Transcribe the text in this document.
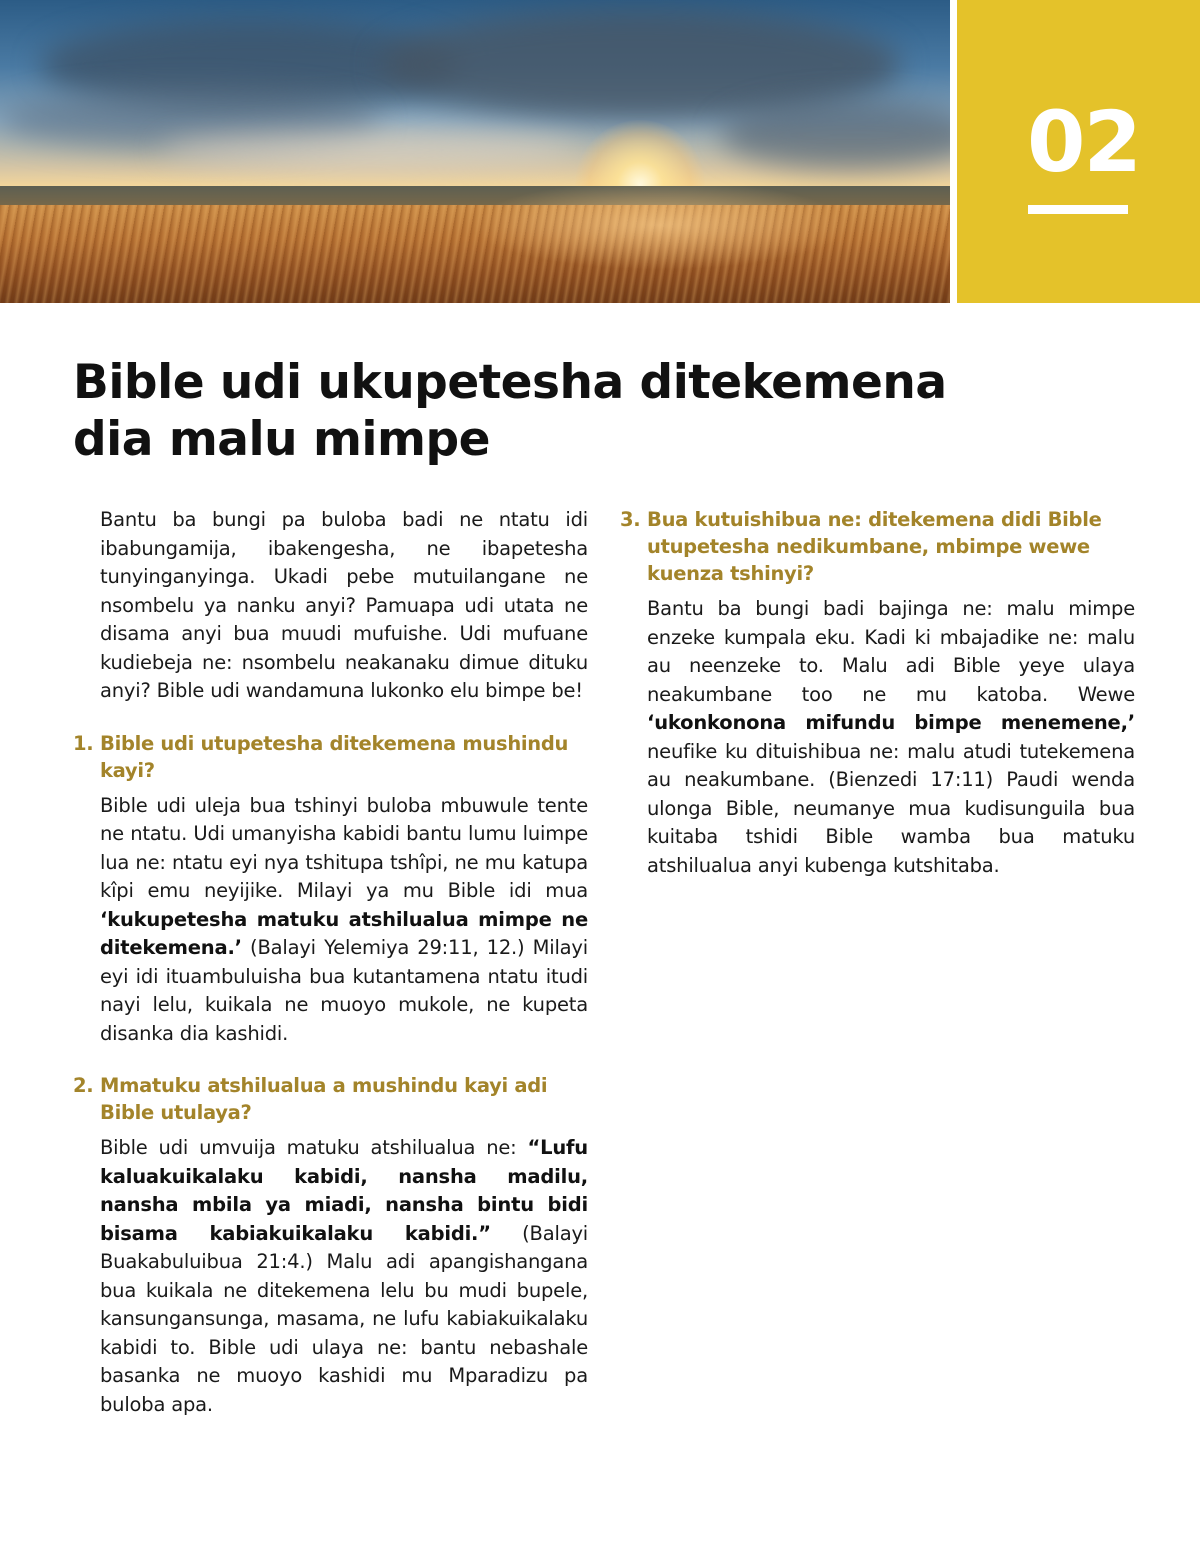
02
Bible udi ukupetesha ditekemena
dia malu mimpe

Bantu ba bungi pa buloba badi ne ntatu idi ibabungamija, ibakengesha, ne ibapetesha tunyinganyinga. Ukadi pebe mutuilangane ne nsombelu ya nanku anyi? Pamuapa udi utata ne disama anyi bua muudi mufuishe. Udi mufuane kudiebeja ne: nsombelu neakanaku dimue dituku anyi? Bible udi wandamuna lukonko elu bimpe be!

1. Bible udi utupetesha ditekemena mushindu kayi?

Bible udi uleja bua tshinyi buloba mbuwule tente ne ntatu. Udi umanyisha kabidi bantu lumu luimpe lua ne: ntatu eyi nya tshitupa tshîpi, ne mu katupa kîpi emu neyijike. Milayi ya mu Bible idi mua ‘kukupetesha matuku atshilualua mimpe ne ditekemena.’ (Balayi Yelemiya 29:11, 12.) Milayi eyi idi ituambuluisha bua kutantamena ntatu itudi nayi lelu, kuikala ne muoyo mukole, ne kupeta disanka dia kashidi.

2. Mmatuku atshilualua a mushindu kayi adi Bible utulaya?

Bible udi umvuija matuku atshilualua ne: “Lufu kaluakuikalaku kabidi, nansha madilu, nansha mbila ya miadi, nansha bintu bidi bisama kabiakuikalaku kabidi.” (Balayi Buakabuluibua 21:4.) Malu adi apangishangana bua kuikala ne ditekemena lelu bu mudi bupele, kansungansunga, masama, ne lufu kabiakuikalaku kabidi to. Bible udi ulaya ne: bantu nebashale basanka ne muoyo kashidi mu Mparadizu pa buloba apa.

3. Bua kutuishibua ne: ditekemena didi Bible utupetesha nedikumbane, mbimpe wewe kuenza tshinyi?

Bantu ba bungi badi bajinga ne: malu mimpe enzeke kumpala eku. Kadi ki mbajadike ne: malu au neenzeke to. Malu adi Bible yeye ulaya neakumbane too ne mu katoba. Wewe ‘ukonkonona mifundu bimpe menemene,’ neufike ku dituishibua ne: malu atudi tutekemena au neakumbane. (Bienzedi 17:11) Paudi wenda ulonga Bible, neumanye mua kudisunguila bua kuitaba tshidi Bible wamba bua matuku atshilualua anyi kubenga kutshitaba.
